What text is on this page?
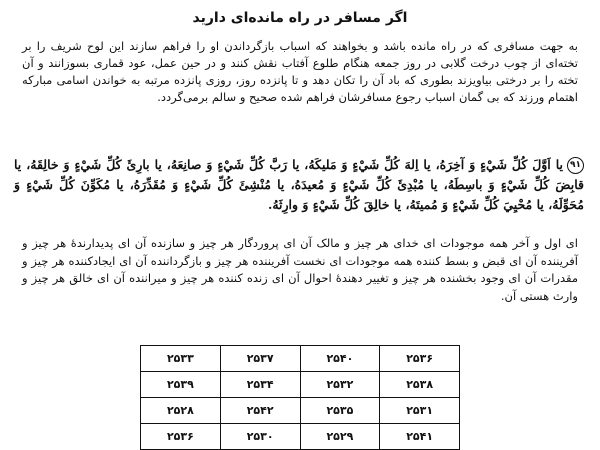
اگر مسافر در راه مانده‌ای دارید
به جهت مسافری که در راه مانده باشد و بخواهند که اسباب بازگرداندن او را فراهم سازند این لوح شریف را بر تخته‌ای از چوب درخت گلابی در روز جمعه هنگام طلوع آفتاب نقش کنند و در حین عمل، عود قماری بسوزانند و آن تخته را بر درختی بیاویزند بطوری که باد آن را تکان دهد و تا پانزده روز، روزی پانزده مرتبه به خواندن اسامی مبارکه اهتمام ورزند که بی گمان اسباب رجوع مسافرشان فراهم شده صحیح و سالم برمی‌گردد.
۹۱يا اَوَّلَ كُلِّ شَيْءٍ وَ آخِرَهُ، يا اِلهَ كُلِّ شَيْءٍ وَ مَليكَهُ، يا رَبَّ كُلِّ شَيْءٍ وَ صانِعَهُ، يا بارِئَ كُلِّ شَيْءٍ وَ خالِقَهُ، يا قابِضَ كُلِّ شَيْءٍ وَ باسِطَهُ، يا مُبْدِئَ كُلِّ شَيْءٍ وَ مُعيدَهُ، يا مُنْشِئَ كُلِّ شَيْءٍ وَ مُقَدِّرَهُ، يا مُكَوِّنَ كُلِّ شَيْءٍ وَ مُحَوِّلَهُ، يا مُحْيِيَ كُلِّ شَيْءٍ وَ مُميتَهُ، يا خالِقَ كُلِّ شَيْءٍ وَ وارِثَهُ.
ای اول و آخر همه موجودات ای خدای هر چیز و مالک آن ای پروردگار هر چیز و سازنده آن ای پدیدارندهٔ هر چیز و آفریننده آن ای قبض و بسط کننده همه موجودات ای نخست آفریننده هر چیز و بازگرداننده آن ای ایجادکننده هر چیز و مقدرات آن ای وجود بخشنده هر چیز و تغییر دهندهٔ احوال آن ای زنده کننده هر چیز و میراننده آن ای خالق هر چیز و وارث هستی آن.
۲۵۳۶	۲۵۴۰	۲۵۳۷	۲۵۳۳
۲۵۳۸	۲۵۳۲	۲۵۳۴	۲۵۳۹
۲۵۳۱	۲۵۳۵	۲۵۴۲	۲۵۲۸
۲۵۴۱	۲۵۲۹	۲۵۳۰	۲۵۳۶
